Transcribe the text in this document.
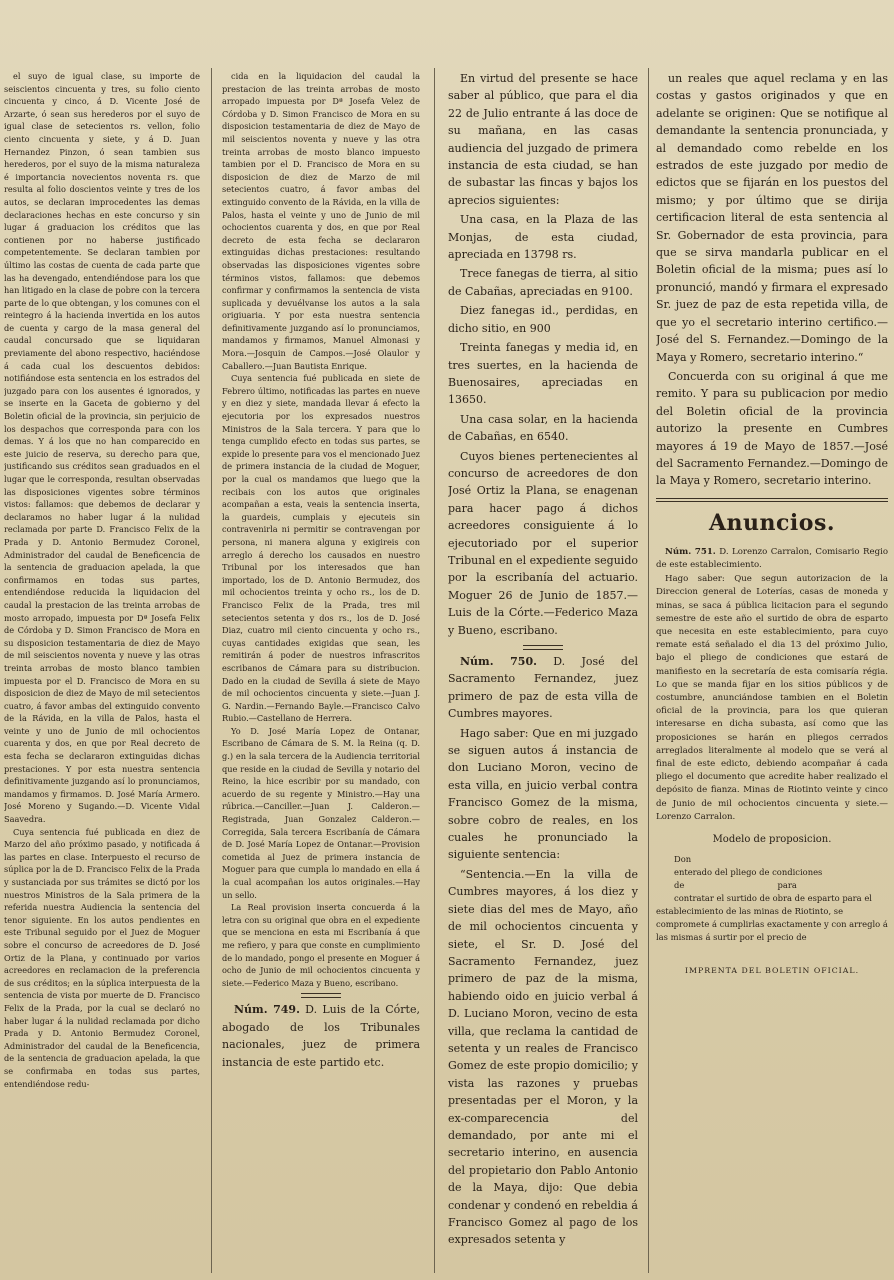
el suyo de igual clase, su importe de seiscientos cincuenta y tres, su folio ciento cincuenta y cinco, á D. Vicente José de Arzarte, ó sean sus herederos por el suyo de igual clase de setecientos rs. vellon, folio ciento cincuenta y siete, y á D. Juan Hernandez Pinzon, ó sean tambien sus herederos, por el suyo de la misma naturaleza é importancia novecientos noventa rs. que resulta al folio doscientos veinte y tres de los autos, se declaran improcedentes las demas declaraciones hechas en este concurso y sin lugar á graduacion los créditos que las contienen por no haberse justificado competentemente. Se declaran tambien por último las costas de cuenta de cada parte que las ha devengado, entendiéndose para los que han litigado en la clase de pobre con la tercera parte de lo que obtengan, y los comunes con el reintegro á la hacienda invertida en los autos de cuenta y cargo de la masa general del caudal concursado que se liquidaran previamente del abono respectivo, haciéndose á cada cual los descuentos debidos: notifiándose esta sentencia en los estrados del juzgado para con los ausentes é ignorados, y se inserte en la Gaceta de gobierno y del Boletin oficial de la provincia, sin perjuicio de los despachos que corresponda para con los demas. Y á los que no han comparecido en este juicio de reserva, su derecho para que, justificando sus créditos sean graduados en el lugar que le corresponda, resultan observadas las disposiciones vigentes sobre términos vistos: fallamos: que debemos de declarar y declaramos no haber lugar á la nulidad reclamada por parte D. Francisco Felix de la Prada y D. Antonio Bermudez Coronel, Administrador del caudal de Beneficencia de la sentencia de graduacion apelada, la que confirmamos en todas sus partes, entendiéndose reducida la liquidacion del caudal la prestacion de las treinta arrobas de mosto arropado, impuesta por Dª Josefa Felix de Córdoba y D. Simon Francisco de Mora en su disposicion testamentaria de diez de Mayo de mil seiscientos noventa y nueve y las otras treinta arrobas de mosto blanco tambien impuesta por el D. Francisco de Mora en su disposicion de diez de Mayo de mil setecientos cuatro, á favor ambas del extinguido convento de la Rávida, en la villa de Palos, hasta el veinte y uno de Junio de mil ochocientos cuarenta y dos, en que por Real decreto de esta fecha se declararon extinguidas dichas prestaciones. Y por esta nuestra sentencia definitivamente juzgando así lo pronunciamos, mandamos y firmamos. D. José María Armero. José Moreno y Sugando.—D. Vicente Vidal Saavedra.

Cuya sentencia fué publicada en diez de Marzo del año próximo pasado, y notificada á las partes en clase. Interpuesto el recurso de súplica por la de D. Francisco Felix de la Prada y sustanciada por sus trámites se dictó por los nuestros Ministros de la Sala primera de la referida nuestra Audiencia la sentencia del tenor siguiente. En los autos pendientes en este Tribunal seguido por el Juez de Moguer sobre el concurso de acreedores de D. José Ortiz de la Plana, y continuado por varios acreedores en reclamacion de la preferencia de sus créditos; en la súplica interpuesta de la sentencia de vista por muerte de D. Francisco Felix de la Prada, por la cual se declaró no haber lugar á la nulidad reclamada por dicho Prada y D. Antonio Bermudez Coronel, Administrador del caudal de la Beneficencia, de la sentencia de graduacion apelada, la que se confirmaba en todas sus partes, entendiéndose redu-

cida en la liquidacion del caudal la prestacion de las treinta arrobas de mosto arropado impuesta por Dª Josefa Velez de Córdoba y D. Simon Francisco de Mora en su disposicion testamentaria de diez de Mayo de mil seiscientos noventa y nueve y las otra treinta arrobas de mosto blanco impuesto tambien por el D. Francisco de Mora en su disposicion de diez de Marzo de mil setecientos cuatro, á favor ambas del extinguido convento de la Rávida, en la villa de Palos, hasta el veinte y uno de Junio de mil ochocientos cuarenta y dos, en que por Real decreto de esta fecha se declararon extinguidas dichas prestaciones: resultando observadas las disposiciones vigentes sobre términos vistos, fallamos: que debemos confirmar y confirmamos la sentencia de vista suplicada y devuélvanse los autos a la sala origiuaria. Y por esta nuestra sentencia definitivamente juzgando así lo pronunciamos, mandamos y firmamos, Manuel Almonasi y Mora.—Josquin de Campos.—José Olaulor y Caballero.—Juan Bautista Enrique.

Cuya sentencia fué publicada en siete de Febrero último, notificadas las partes en nueve y en diez y siete, mandada llevar á efecto la ejecutoria por los expresados nuestros Ministros de la Sala tercera. Y para que lo tenga cumplido efecto en todas sus partes, se expide lo presente para vos el mencionado Juez de primera instancia de la ciudad de Moguer, por la cual os mandamos que luego que la recibais con los autos que originales acompañan a esta, veais la sentencia inserta, la guardeis, cumplais y ejecuteis sin contravenirla ni permitir se contravengan por persona, ni manera alguna y exigireis con arreglo á derecho los causados en nuestro Tribunal por los interesados que han importado, los de D. Antonio Bermudez, dos mil ochocientos treinta y ocho rs., los de D. Francisco Felix de la Prada, tres mil setecientos setenta y dos rs., los de D. José Diaz, cuatro mil ciento cincuenta y ocho rs., cuyas cantidades exigidas que sean, les remitirán á poder de nuestros infrascritos escribanos de Cámara para su distribucion. Dado en la ciudad de Sevilla á siete de Mayo de mil ochocientos cincuenta y siete.—Juan J. G. Nardin.—Fernando Bayle.—Francisco Calvo Rubio.—Castellano de Herrera.

Yo D. José María Lopez de Ontanar, Escribano de Cámara de S. M. la Reina (q. D. g.) en la sala tercera de la Audiencia territorial que reside en la ciudad de Sevilla y notario del Reino, la hice escribir por su mandado, con acuerdo de su regente y Ministro.—Hay una rúbrica.—Canciller.—Juan J. Calderon.—Registrada, Juan Gonzalez Calderon.—Corregida, Sala tercera Escribanía de Cámara de D. José María Lopez de Ontanar.—Provision cometida al Juez de primera instancia de Moguer para que cumpla lo mandado en ella á la cual acompañan los autos originales.—Hay un sello.

La Real provision inserta concuerda á la letra con su original que obra en el expediente que se menciona en esta mi Escribanía á que me refiero, y para que conste en cumplimiento de lo mandado, pongo el presente en Moguer á ocho de Junio de mil ochocientos cincuenta y siete.—Federico Maza y Bueno, escribano.

Núm. 749. D. Luis de la Córte, abogado de los Tribunales nacionales, juez de primera instancia de este partido etc.

En virtud del presente se hace saber al público, que para el dia 22 de Julio entrante á las doce de su mañana, en las casas audiencia del juzgado de primera instancia de esta ciudad, se han de subastar las fincas y bajos los aprecios siguientes:

Una casa, en la Plaza de las Monjas, de esta ciudad, apreciada en 13798 rs.

Trece fanegas de tierra, al sitio de Cabañas, apreciadas en 9100.

Diez fanegas id., perdidas, en dicho sitio, en 900

Treinta fanegas y media id, en tres suertes, en la hacienda de Buenosaires, apreciadas en 13650.

Una casa solar, en la hacienda de Cabañas, en 6540.

Cuyos bienes pertenecientes al concurso de acreedores de don José Ortiz la Plana, se enagenan para hacer pago á dichos acreedores consiguiente á lo ejecutoriado por el superior Tribunal en el expediente seguido por la escribanía del actuario. Moguer 26 de Junio de 1857.—Luis de la Córte.—Federico Maza y Bueno, escribano.

Núm. 750. D. José del Sacramento Fernandez, juez primero de paz de esta villa de Cumbres mayores.

Hago saber: Que en mi juzgado se siguen autos á instancia de don Luciano Moron, vecino de esta villa, en juicio verbal contra Francisco Gomez de la misma, sobre cobro de reales, en los cuales he pronunciado la siguiente sentencia:

“Sentencia.—En la villa de Cumbres mayores, á los diez y siete dias del mes de Mayo, año de mil ochocientos cincuenta y siete, el Sr. D. José del Sacramento Fernandez, juez primero de paz de la misma, habiendo oido en juicio verbal á D. Luciano Moron, vecino de esta villa, que reclama la cantidad de setenta y un reales de Francisco Gomez de este propio domicilio; y vista las razones y pruebas presentadas per el Moron, y la ex-comparecencia del demandado, por ante mi el secretario interino, en ausencia del propietario don Pablo Antonio de la Maya, dijo: Que debia condenar y condenó en rebeldia á Francisco Gomez al pago de los expresados setenta y

un reales que aquel reclama y en las costas y gastos originados y que en adelante se originen: Que se notifique al demandante la sentencia pronunciada, y al demandado como rebelde en los estrados de este juzgado por medio de edictos que se fijarán en los puestos del mismo; y por último que se dirija certificacion literal de esta sentencia al Sr. Gobernador de esta provincia, para que se sirva mandarla publicar en el Boletin oficial de la misma; pues así lo pronunció, mandó y firmara el expresado Sr. juez de paz de esta repetida villa, de que yo el secretario interino certifico.—José del S. Fernandez.—Domingo de la Maya y Romero, secretario interino.“

Concuerda con su original á que me remito. Y para su publicacion por medio del Boletin oficial de la provincia autorizo la presente en Cumbres mayores á 19 de Mayo de 1857.—José del Sacramento Fernandez.—Domingo de la Maya y Romero, secretario interino.

Anuncios.

Núm. 751. D. Lorenzo Carralon, Comisario Regio de este establecimiento.

Hago saber: Que segun autorizacion de la Direccion general de Loterías, casas de moneda y minas, se saca á pública licitacion para el segundo semestre de este año el surtido de obra de esparto que necesita en este establecimiento, para cuyo remate está señalado el dia 13 del próximo Julio, bajo el pliego de condiciones que estará de manifiesto en la secretaría de esta comisaría régia. Lo que se manda fijar en los sitios públicos y de costumbre, anunciándose tambien en el Boletin oficial de la provincia, para los que quieran interesarse en dicha subasta, así como que las proposiciones se harán en pliegos cerrados arreglados literalmente al modelo que se verá al final de este edicto, debiendo acompañar á cada pliego el documento que acredite haber realizado el depósito de fianza. Minas de Riotinto veinte y cinco de Junio de mil ochocientos cincuenta y siete.—Lorenzo Carralon.

Modelo de proposicion.

Don

enterado del pliego de condiciones

de                                   para

contratar el surtido de obra de esparto para el establecimiento de las minas de Riotinto, se compromete á cumplirlas exactamente y con arreglo á las mismas á surtir por el precio de

IMPRENTA DEL BOLETIN OFICIAL.
